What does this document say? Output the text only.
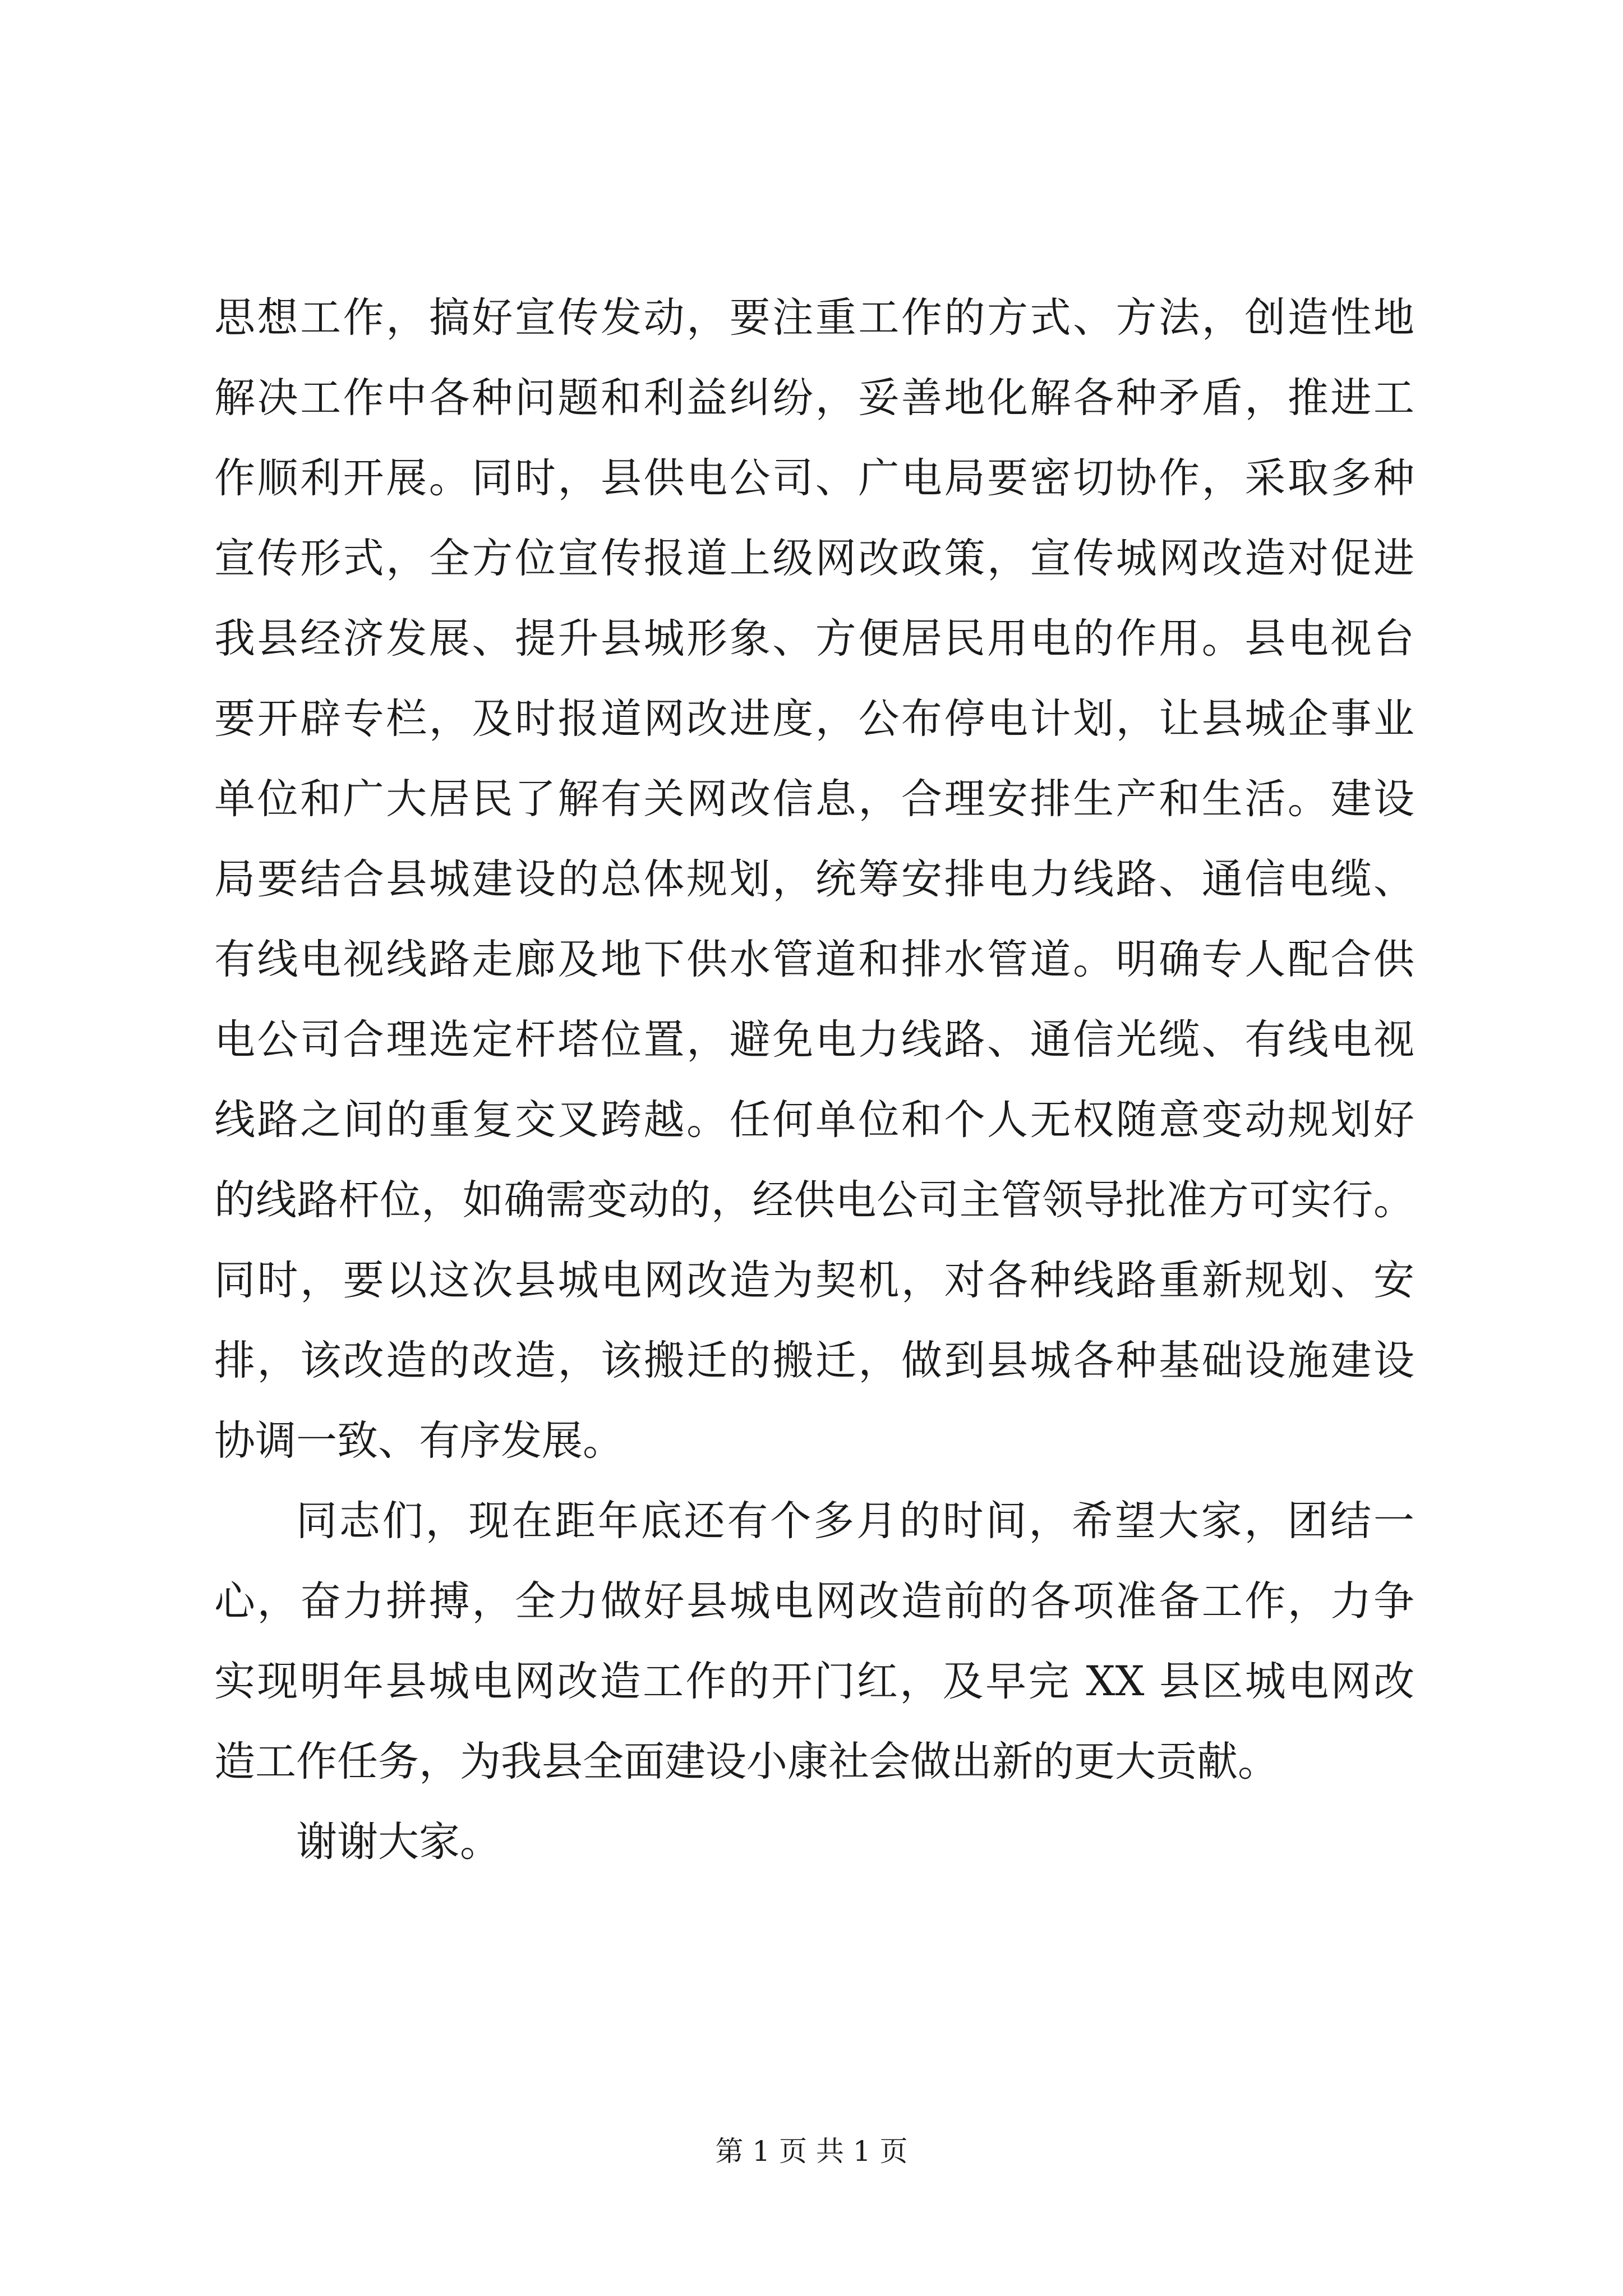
思想工作，搞好宣传发动，要注重工作的方式、方法，创造性地
解决工作中各种问题和利益纠纷，妥善地化解各种矛盾，推进工
作顺利开展。同时，县供电公司、广电局要密切协作，采取多种
宣传形式，全方位宣传报道上级网改政策，宣传城网改造对促进
我县经济发展、提升县城形象、方便居民用电的作用。县电视台
要开辟专栏，及时报道网改进度，公布停电计划，让县城企事业
单位和广大居民了解有关网改信息，合理安排生产和生活。建设
局要结合县城建设的总体规划，统筹安排电力线路、通信电缆、
有线电视线路走廊及地下供水管道和排水管道。明确专人配合供
电公司合理选定杆塔位置，避免电力线路、通信光缆、有线电视
线路之间的重复交叉跨越。任何单位和个人无权随意变动规划好
的线路杆位，如确需变动的，经供电公司主管领导批准方可实行。
同时，要以这次县城电网改造为契机，对各种线路重新规划、安
排，该改造的改造，该搬迁的搬迁，做到县城各种基础设施建设
协调一致、有序发展。
同志们，现在距年底还有个多月的时间，希望大家，团结一
心，奋力拼搏，全力做好县城电网改造前的各项准备工作，力争
实现明年县城电网改造工作的开门红，及早完 XX 县区城电网改
造工作任务，为我县全面建设小康社会做出新的更大贡献。
谢谢大家。
第 1 页 共 1 页
